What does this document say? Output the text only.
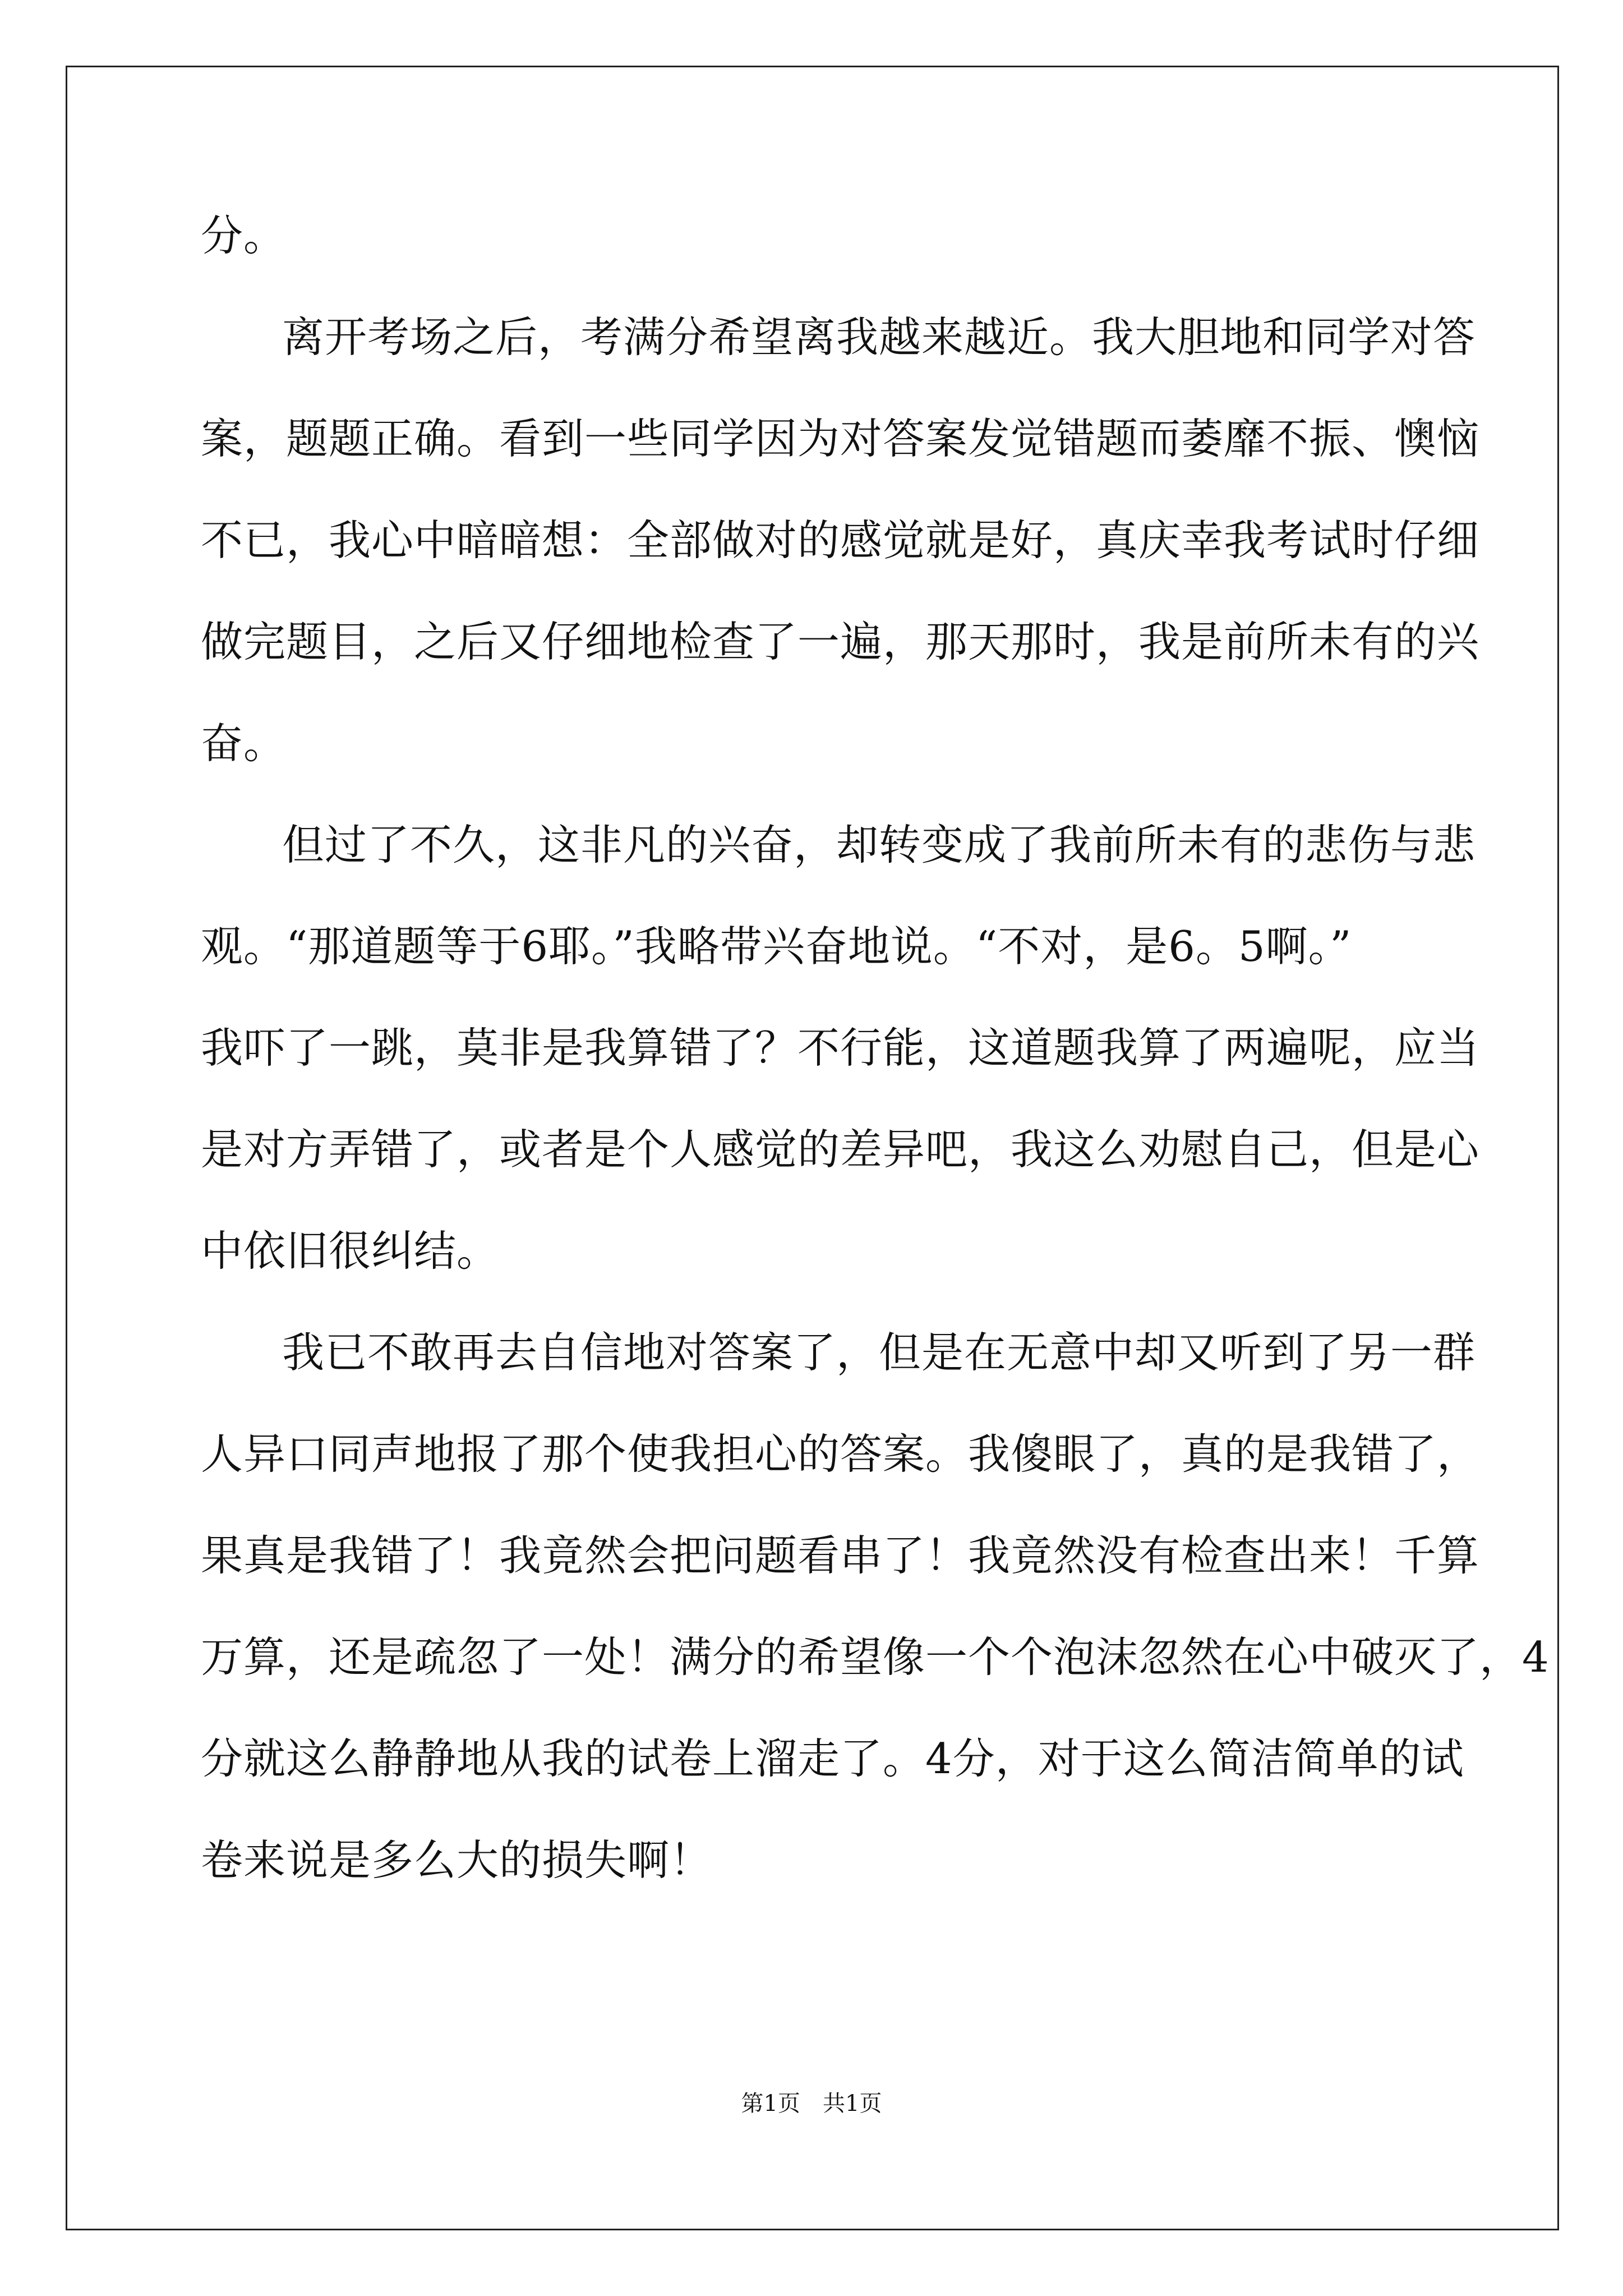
分。
离开考场之后，考满分希望离我越来越近。我大胆地和同学对答
案，题题正确。看到一些同学因为对答案发觉错题而萎靡不振、懊恼
不已，我心中暗暗想：全部做对的感觉就是好，真庆幸我考试时仔细
做完题目，之后又仔细地检查了一遍，那天那时，我是前所未有的兴
奋。
但过了不久，这非凡的兴奋，却转变成了我前所未有的悲伤与悲
观。“那道题等于6耶。”我略带兴奋地说。“不对，是6。5啊。”
我吓了一跳，莫非是我算错了？不行能，这道题我算了两遍呢，应当
是对方弄错了，或者是个人感觉的差异吧，我这么劝慰自己，但是心
中依旧很纠结。
我已不敢再去自信地对答案了，但是在无意中却又听到了另一群
人异口同声地报了那个使我担心的答案。我傻眼了，真的是我错了，
果真是我错了！我竟然会把问题看串了！我竟然没有检查出来！千算
万算，还是疏忽了一处！满分的希望像一个个泡沫忽然在心中破灭了，4
分就这么静静地从我的试卷上溜走了。4分，对于这么简洁简单的试
卷来说是多么大的损失啊！
第1页　共1页
